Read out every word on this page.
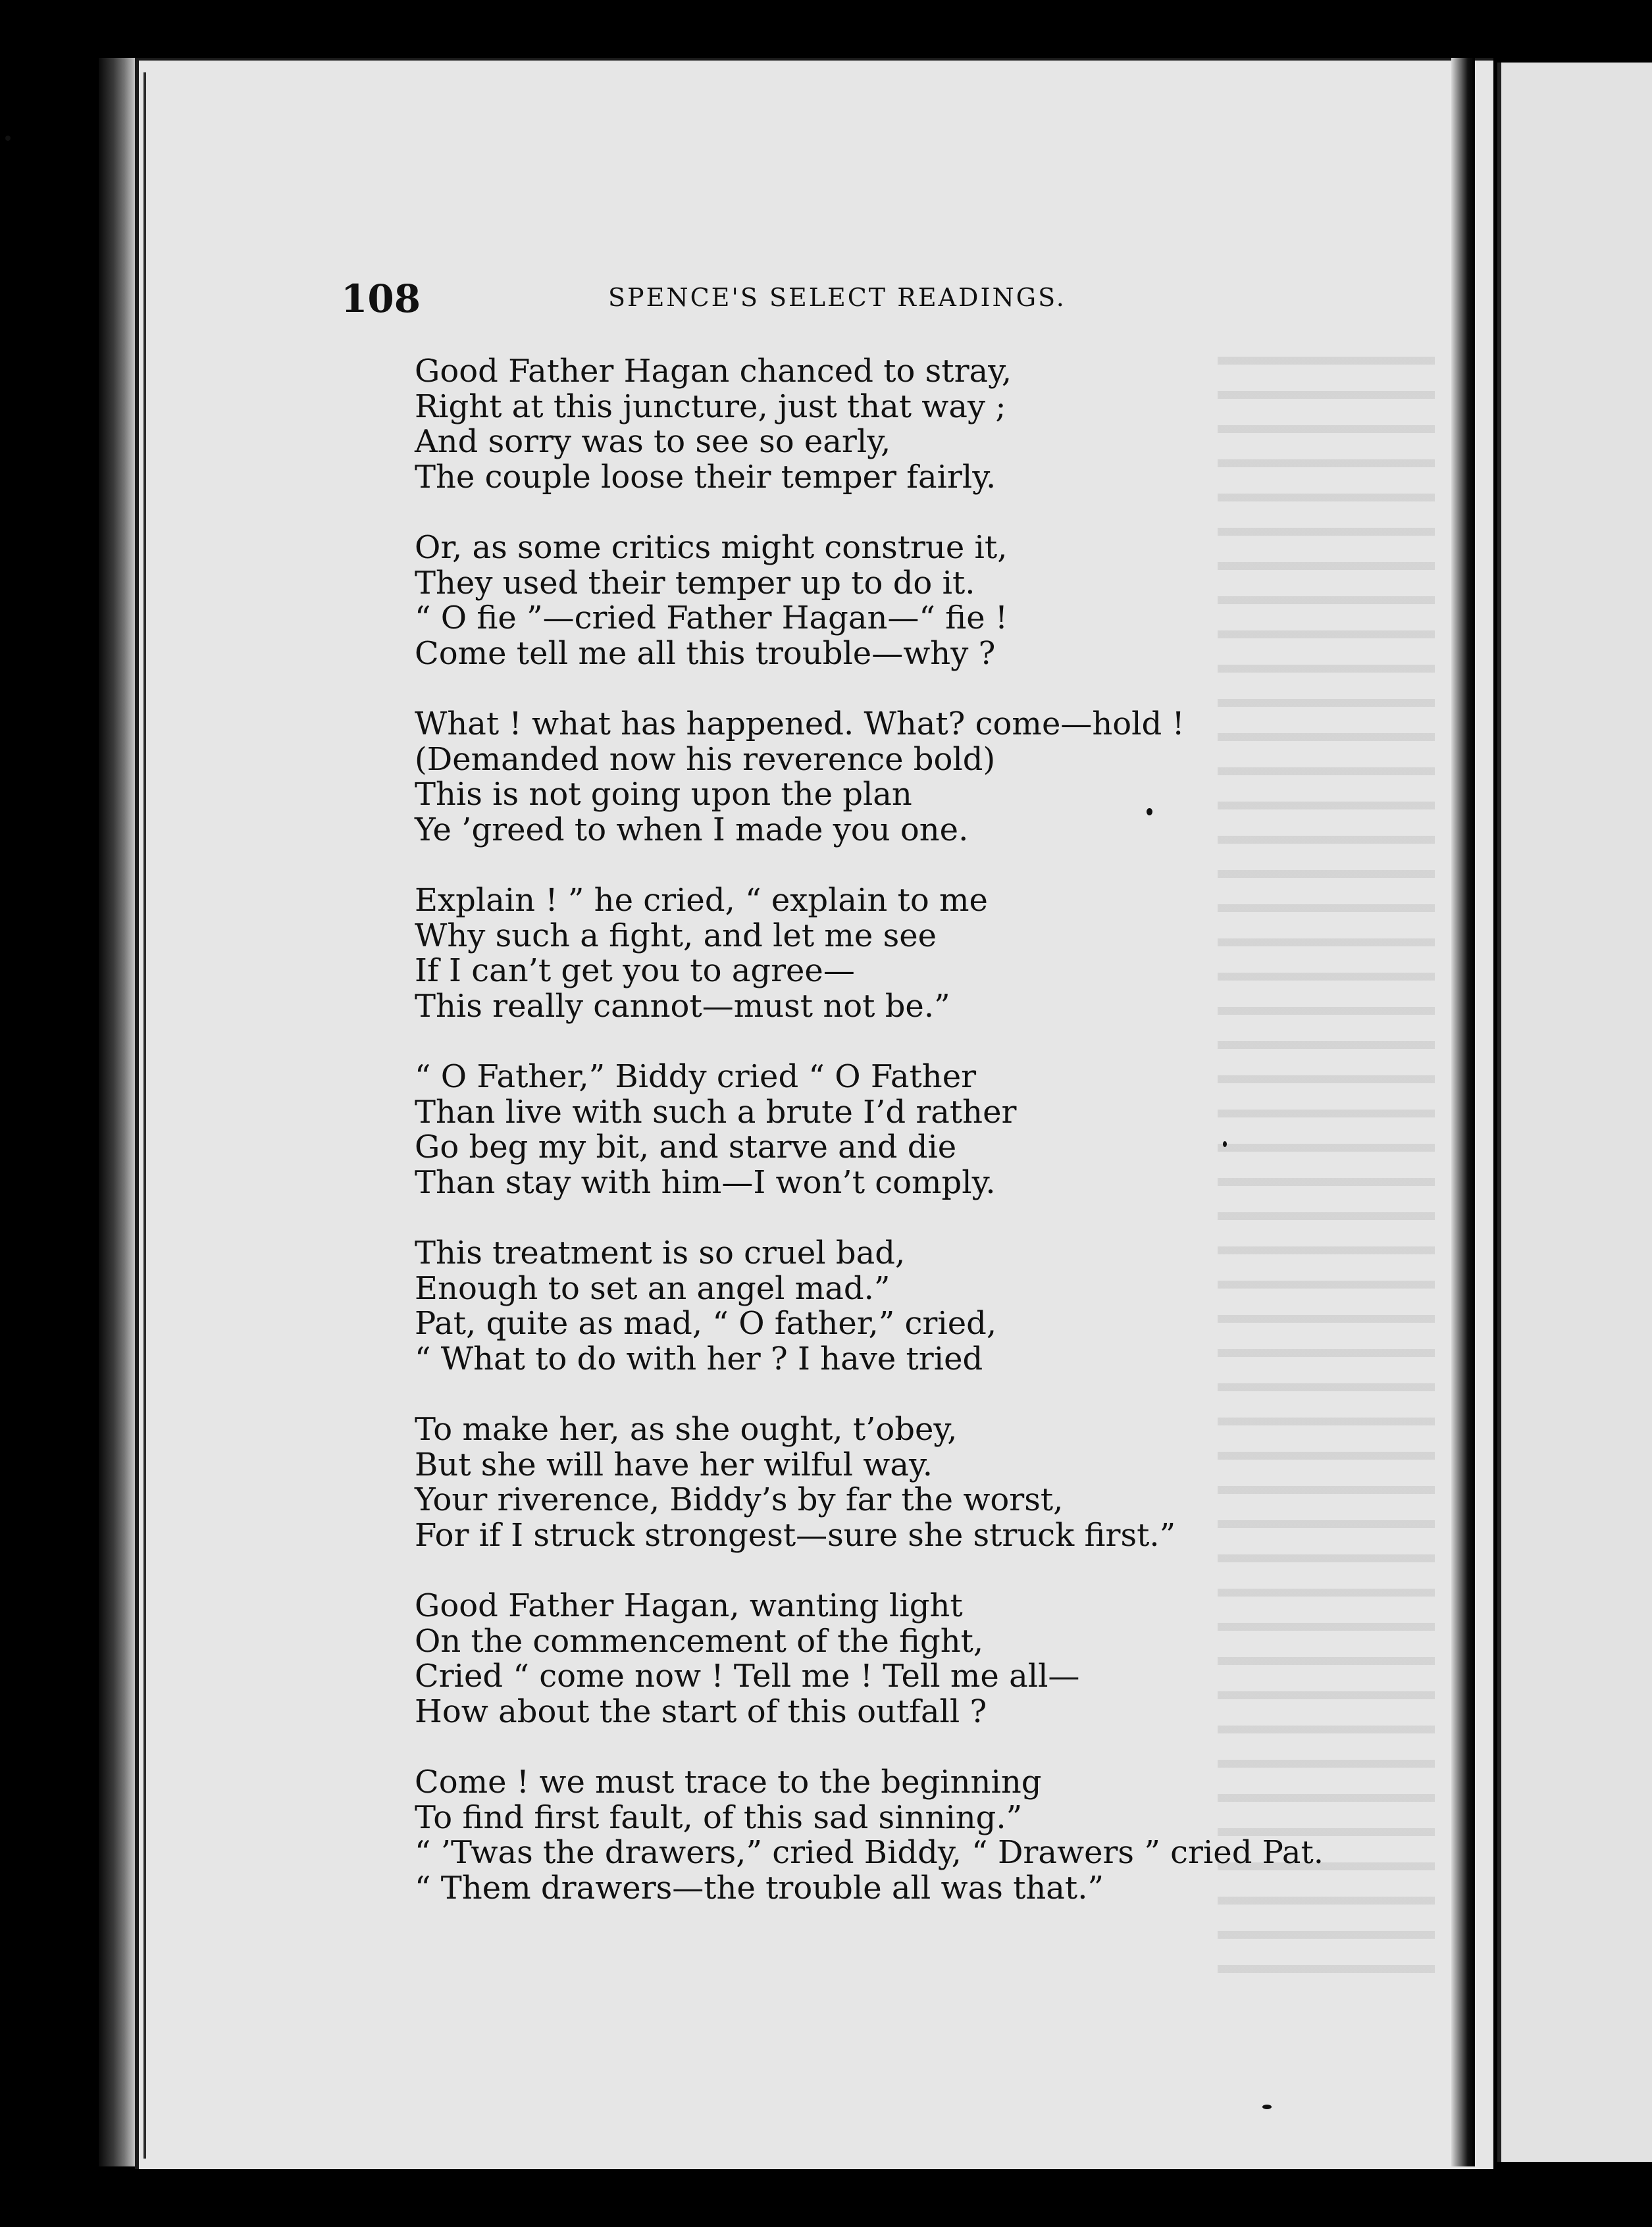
108	SPENCE'S SELECT READINGS.
Good Father Hagan chanced to stray,
Right at this juncture, just that way ;
And sorry was to see so early,
The couple loose their temper fairly.
Or, as some critics might construe it,
They used their temper up to do it.
“ O fie ”—cried Father Hagan—“ fie !
Come tell me all this trouble—why ?
What ! what has happened. What? come—hold !
(Demanded now his reverence bold)
This is not going upon the plan
Ye ’greed to when I made you one.
Explain ! ” he cried, “ explain to me
Why such a fight, and let me see
If I can’t get you to agree—
This really cannot—must not be.”
“ O Father,” Biddy cried “ O Father
Than live with such a brute I’d rather
Go beg my bit, and starve and die
Than stay with him—I won’t comply.
This treatment is so cruel bad,
Enough to set an angel mad.”
Pat, quite as mad, “ O father,” cried,
“ What to do with her ? I have tried
To make her, as she ought, t’obey,
But she will have her wilful way.
Your riverence, Biddy’s by far the worst,
For if I struck strongest—sure she struck first.”
Good Father Hagan, wanting light
On the commencement of the fight,
Cried “ come now ! Tell me ! Tell me all—
How about the start of this outfall ?
Come ! we must trace to the beginning
To find first fault, of this sad sinning.”
“ ’Twas the drawers,” cried Biddy, “ Drawers ” cried Pat.
“ Them drawers—the trouble all was that.”
